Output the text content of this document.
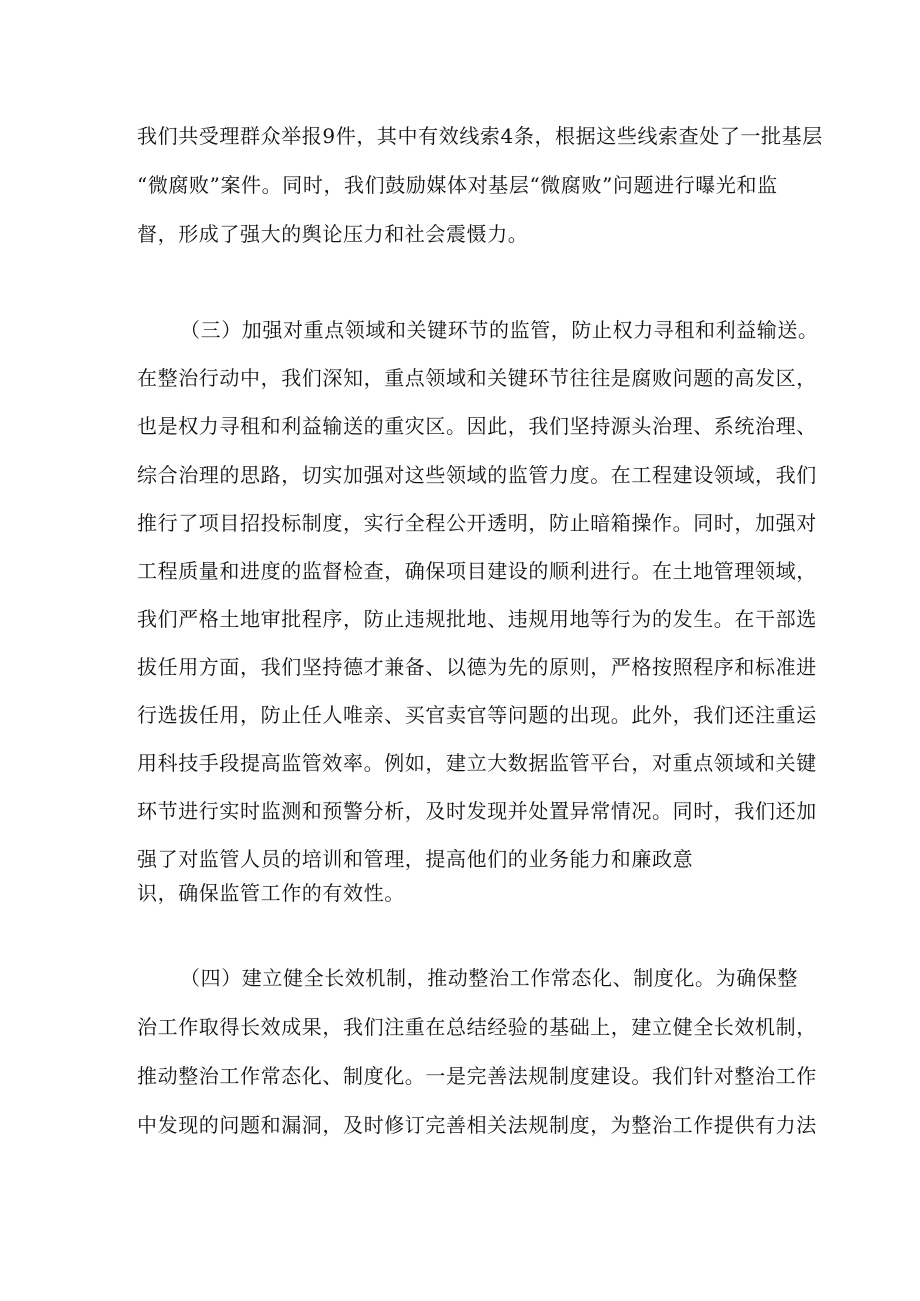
我们共受理群众举报9件，其中有效线索4条，根据这些线索查处了一批基层
“微腐败”案件。同时，我们鼓励媒体对基层“微腐败”问题进行曝光和监
督，形成了强大的舆论压力和社会震慑力。
（三）加强对重点领域和关键环节的监管，防止权力寻租和利益输送。
在整治行动中，我们深知，重点领域和关键环节往往是腐败问题的高发区，
也是权力寻租和利益输送的重灾区。因此，我们坚持源头治理、系统治理、
综合治理的思路，切实加强对这些领域的监管力度。在工程建设领域，我们
推行了项目招投标制度，实行全程公开透明，防止暗箱操作。同时，加强对
工程质量和进度的监督检查，确保项目建设的顺利进行。在土地管理领域，
我们严格土地审批程序，防止违规批地、违规用地等行为的发生。在干部选
拔任用方面，我们坚持德才兼备、以德为先的原则，严格按照程序和标准进
行选拔任用，防止任人唯亲、买官卖官等问题的出现。此外，我们还注重运
用科技手段提高监管效率。例如，建立大数据监管平台，对重点领域和关键
环节进行实时监测和预警分析，及时发现并处置异常情况。同时，我们还加
强了对监管人员的培训和管理，提高他们的业务能力和廉政意
识，确保监管工作的有效性。
（四）建立健全长效机制，推动整治工作常态化、制度化。为确保整
治工作取得长效成果，我们注重在总结经验的基础上，建立健全长效机制，
推动整治工作常态化、制度化。一是完善法规制度建设。我们针对整治工作
中发现的问题和漏洞，及时修订完善相关法规制度，为整治工作提供有力法
